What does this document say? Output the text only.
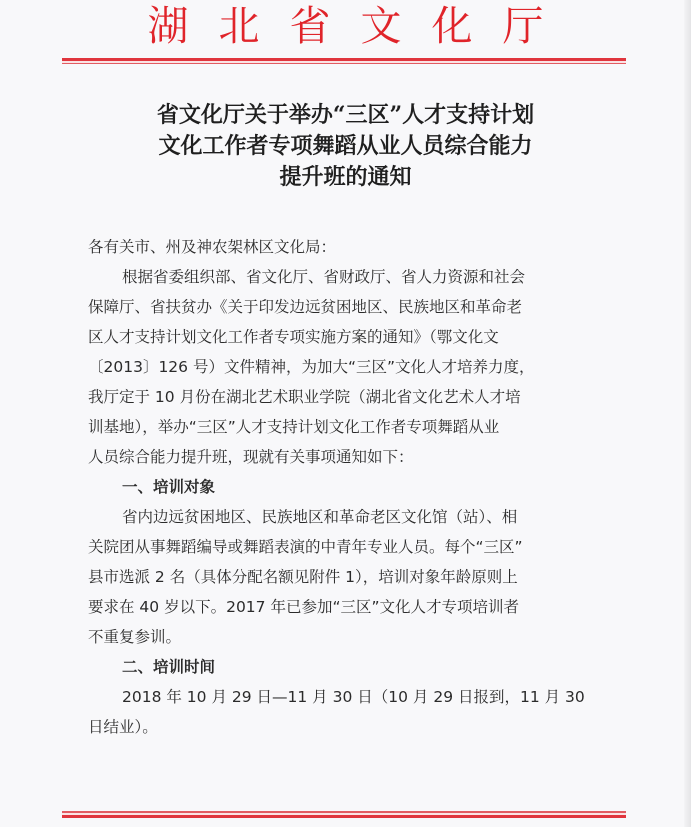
湖北省文化厅
省文化厅关于举办“三区”人才支持计划
文化工作者专项舞蹈从业人员综合能力
提升班的通知

各有关市、州及神农架林区文化局：

根据省委组织部、省文化厅、省财政厅、省人力资源和社会

保障厅、省扶贫办《关于印发边远贫困地区、民族地区和革命老

区人才支持计划文化工作者专项实施方案的通知》（鄂文化文

〔2013〕126 号）文件精神，为加大“三区”文化人才培养力度，

我厅定于 10 月份在湖北艺术职业学院（湖北省文化艺术人才培

训基地），举办“三区”人才支持计划文化工作者专项舞蹈从业

人员综合能力提升班，现就有关事项通知如下：

一、培训对象

省内边远贫困地区、民族地区和革命老区文化馆（站）、相

关院团从事舞蹈编导或舞蹈表演的中青年专业人员。每个“三区”

县市选派 2 名（具体分配名额见附件 1），培训对象年龄原则上

要求在 40 岁以下。2017 年已参加“三区”文化人才专项培训者

不重复参训。

二、培训时间

2018 年 10 月 29 日—11 月 30 日（10 月 29 日报到，11 月 30

日结业）。
